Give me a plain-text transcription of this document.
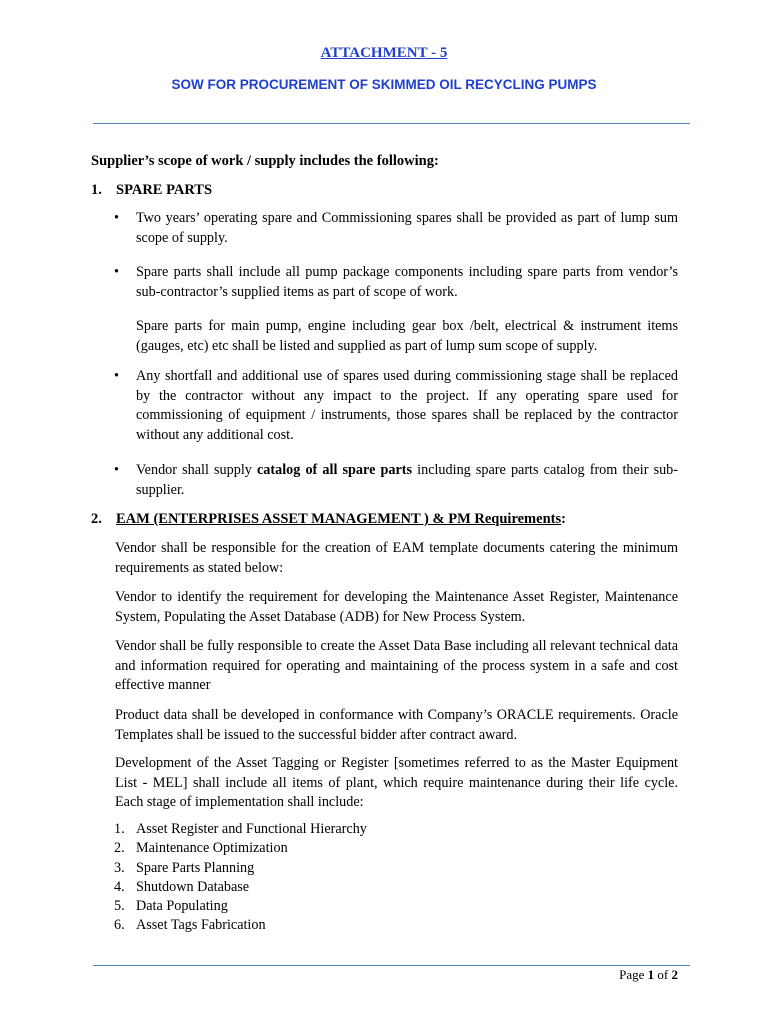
ATTACHMENT - 5
SOW FOR PROCUREMENT OF SKIMMED OIL RECYCLING PUMPS
Supplier’s scope of work / supply includes the following:
1. SPARE PARTS
• Two years’ operating spare and Commissioning spares shall be provided as part of lump sum scope of supply.
• Spare parts shall include all pump package components including spare parts from vendor’s sub-contractor’s supplied items as part of scope of work.
Spare parts for main pump, engine including gear box /belt, electrical & instrument items (gauges, etc) etc shall be listed and supplied as part of lump sum scope of supply.
• Any shortfall and additional use of spares used during commissioning stage shall be replaced by the contractor without any impact to the project. If any operating spare used for commissioning of equipment / instruments, those spares shall be replaced by the contractor without any additional cost.
• Vendor shall supply catalog of all spare parts including spare parts catalog from their sub-supplier.
2. EAM (ENTERPRISES ASSET MANAGEMENT ) & PM Requirements:
Vendor shall be responsible for the creation of EAM template documents catering the minimum requirements as stated below:
Vendor to identify the requirement for developing the Maintenance Asset Register, Maintenance System, Populating the Asset Database (ADB) for New Process System.
Vendor shall be fully responsible to create the Asset Data Base including all relevant technical data and information required for operating and maintaining of the process system in a safe and cost effective manner
Product data shall be developed in conformance with Company’s ORACLE requirements. Oracle Templates shall be issued to the successful bidder after contract award.
Development of the Asset Tagging or Register [sometimes referred to as the Master Equipment List - MEL] shall include all items of plant, which require maintenance during their life cycle. Each stage of implementation shall include:
1. Asset Register and Functional Hierarchy
2. Maintenance Optimization
3. Spare Parts Planning
4. Shutdown Database
5. Data Populating
6. Asset Tags Fabrication
Page 1 of 2
